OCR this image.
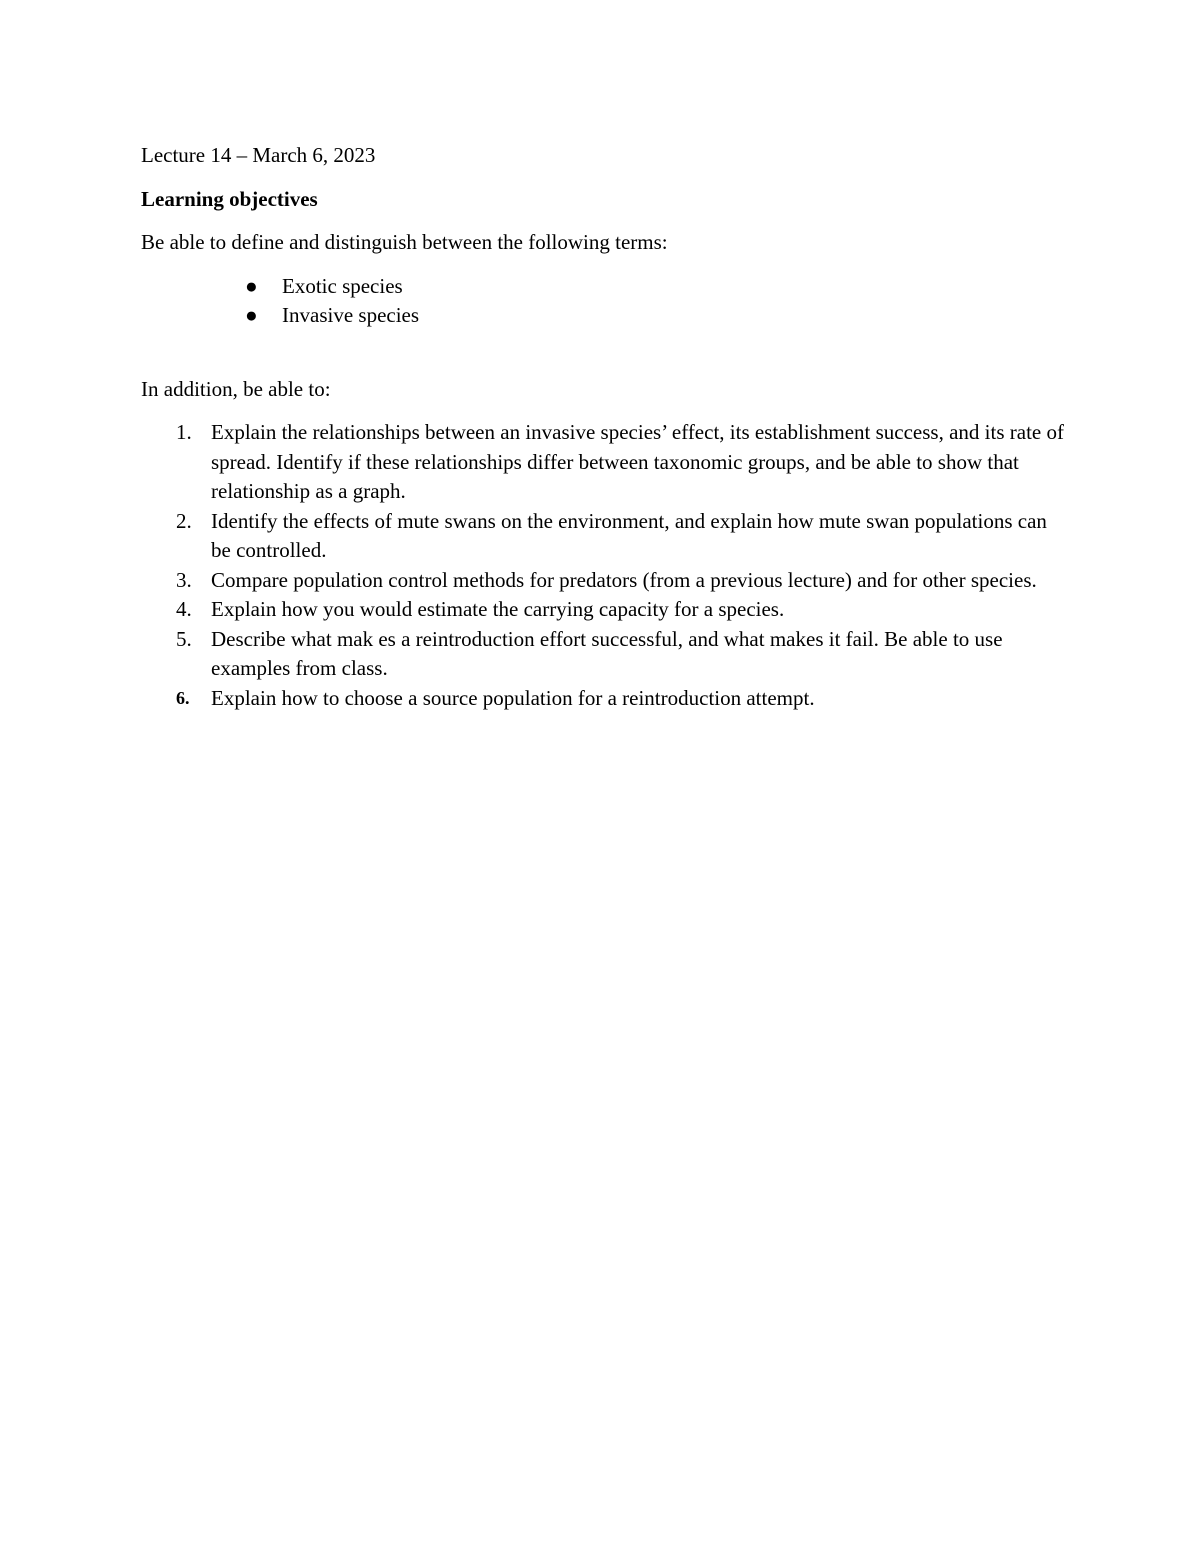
Lecture 14 – March 6, 2023

Learning objectives

Be able to define and distinguish between the following terms:

●	Exotic species
●	Invasive species

In addition, be able to:

1. Explain the relationships between an invasive species’ effect, its establishment success, and its rate of spread. Identify if these relationships differ between taxonomic groups, and be able to show that relationship as a graph.
2. Identify the effects of mute swans on the environment, and explain how mute swan populations can be controlled.
3. Compare population control methods for predators (from a previous lecture) and for other species.
4. Explain how you would estimate the carrying capacity for a species.
5. Describe what mak es a reintroduction effort successful, and what makes it fail. Be able to use examples from class.
6.	Explain how to choose a source population for a reintroduction attempt.
